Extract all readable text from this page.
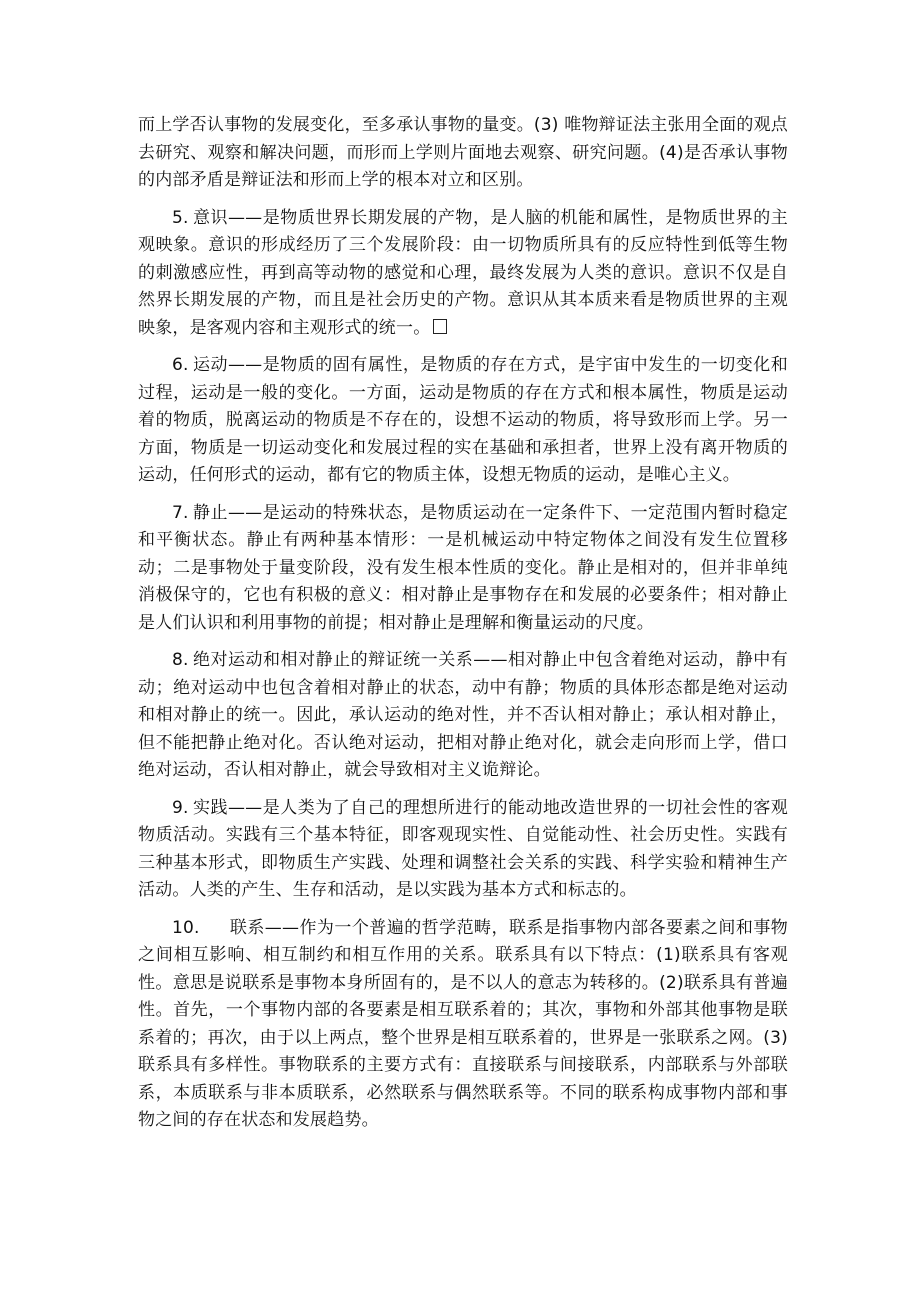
而上学否认事物的发展变化，至多承认事物的量变。(3) 唯物辩证法主张用全面的观点去研究、观察和解决问题，而形而上学则片面地去观察、研究问题。(4)是否承认事物的内部矛盾是辩证法和形而上学的根本对立和区别。

5. 意识——是物质世界长期发展的产物，是人脑的机能和属性，是物质世界的主观映象。意识的形成经历了三个发展阶段：由一切物质所具有的反应特性到低等生物的刺激感应性，再到高等动物的感觉和心理，最终发展为人类的意识。意识不仅是自然界长期发展的产物，而且是社会历史的产物。意识从其本质来看是物质世界的主观映象，是客观内容和主观形式的统一。

6. 运动——是物质的固有属性，是物质的存在方式，是宇宙中发生的一切变化和过程，运动是一般的变化。一方面，运动是物质的存在方式和根本属性，物质是运动着的物质，脱离运动的物质是不存在的，设想不运动的物质，将导致形而上学。另一方面，物质是一切运动变化和发展过程的实在基础和承担者，世界上没有离开物质的运动，任何形式的运动，都有它的物质主体，设想无物质的运动，是唯心主义。

7. 静止——是运动的特殊状态，是物质运动在一定条件下、一定范围内暂时稳定和平衡状态。静止有两种基本情形：一是机械运动中特定物体之间没有发生位置移动；二是事物处于量变阶段，没有发生根本性质的变化。静止是相对的，但并非单纯消极保守的，它也有积极的意义：相对静止是事物存在和发展的必要条件；相对静止是人们认识和利用事物的前提；相对静止是理解和衡量运动的尺度。

8. 绝对运动和相对静止的辩证统一关系——相对静止中包含着绝对运动，静中有动；绝对运动中也包含着相对静止的状态，动中有静；物质的具体形态都是绝对运动和相对静止的统一。因此，承认运动的绝对性，并不否认相对静止；承认相对静止，但不能把静止绝对化。否认绝对运动，把相对静止绝对化，就会走向形而上学，借口绝对运动，否认相对静止，就会导致相对主义诡辩论。

9. 实践——是人类为了自己的理想所进行的能动地改造世界的一切社会性的客观物质活动。实践有三个基本特征，即客观现实性、自觉能动性、社会历史性。实践有三种基本形式，即物质生产实践、处理和调整社会关系的实践、科学实验和精神生产活动。人类的产生、生存和活动，是以实践为基本方式和标志的。

10. 联系——作为一个普遍的哲学范畴，联系是指事物内部各要素之间和事物之间相互影响、相互制约和相互作用的关系。联系具有以下特点：(1)联系具有客观性。意思是说联系是事物本身所固有的，是不以人的意志为转移的。(2)联系具有普遍性。首先，一个事物内部的各要素是相互联系着的；其次，事物和外部其他事物是联系着的；再次，由于以上两点，整个世界是相互联系着的，世界是一张联系之网。(3)联系具有多样性。事物联系的主要方式有：直接联系与间接联系，内部联系与外部联系，本质联系与非本质联系，必然联系与偶然联系等。不同的联系构成事物内部和事物之间的存在状态和发展趋势。
